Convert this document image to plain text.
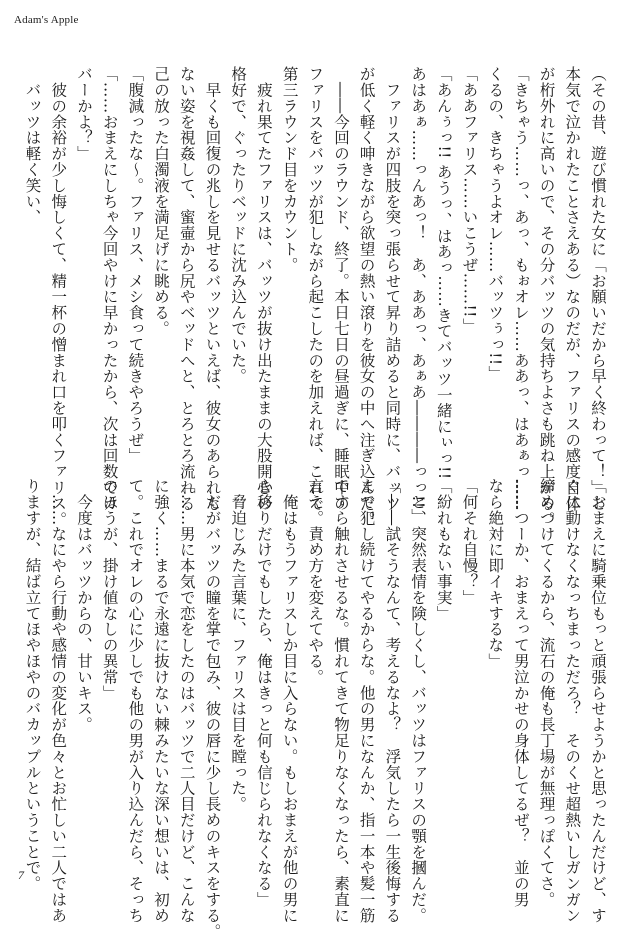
Adam's Apple

（その昔、遊び慣れた女に「お願いだから早く終わって！」と

本気で泣かれたことさえある）なのだが、ファリスの感度自体

が桁外れに高いので、その分バッツの気持ちよさも跳ね上がる。

「きちゃう……っ、あっ、もぉオレ……ああっ、はあぁっ……

くるの、きちゃうよオレ……バッツぅっ!!」

「ああファリス……いこうぜ……!!」

「あんぅっ!! あうっ、はあっ……きてバッツ一緒にぃっ!!

あはあぁ……っんあっ！　あ、ああっ、あぁあ――――っっ!!」

　ファリスが四肢を突っ張らせて昇り詰めると同時に、バッツ

が低く軽く呻きながら欲望の熱い滾りを彼女の中へ注ぎ込んだ。

　――今回のラウンド、終了。本日七日の昼過ぎに、睡眠中の

ファリスをバッツが犯しながら起こしたのを加えれば、これで

第三ラウンド目をカウント。

　疲れ果てたファリスは、バッツが抜け出たままの大股開きの

格好で、ぐったりベッドに沈み込んでいた。

　早くも回復の兆しを見せるバッツといえば、彼女のあられも

ない姿を視姦して、蜜壷から尻やベッドへと、とろとろ流れる

己の放った白濁液を満足げに眺める。

「腹減ったな～。ファリス、メシ食って続きやろうぜ」

「……おまえにしちゃ今回やけに早かったから、次は回数でカ

バーかよ？」

　彼の余裕が少し悔しくて、精一杯の憎まれ口を叩くファリス。

　バッツは軽く笑い、

「おまえに騎乗位もっと頑張らせようかと思ったんだけど、す

ぐに動けなくなっちまっただろ？　そのくせ超熱いしガンガン

締めつけてくるから、流石の俺も長丁場が無理っぽくてさ。

……つーか、おまえって男泣かせの身体してるぜ？　並の男

なら絶対に即イキするな」

「何それ自慢？」

「紛れもない事実」

　と、突然表情を険しくし、バッツはファリスの顎を摑んだ。

「――試そうなんて、考えるなよ？　浮気したら一生後悔する

まで犯し続けてやるからな。他の男になんか、指一本や髪一筋

ですら触れさせるな。慣れてきて物足りなくなったら、素直に

言え。責め方を変えてやる。

　俺はもうファリスしか目に入らない。もしおまえが他の男に

心移りだけでもしたら、俺はきっと何も信じられなくなる」

　脅迫じみた言葉に、ファリスは目を瞠った。

　だがバッツの瞳を掌で包み、彼の唇に少し長めのキスをする。

「……男に本気で恋をしたのはバッツで二人目だけど、こんな

に強く……まるで永遠に抜けない棘みたいな深い想いは、初め

て。これでオレの心に少しでも他の男が入り込んだら、そっち

のほうが、掛け値なしの異常」

　今度はバッツからの、甘いキス。

　……なにやら行動や感情の変化が色々とお忙しい二人ではあ

りますが、結ば立てほやほやのバカップルということで。

7
